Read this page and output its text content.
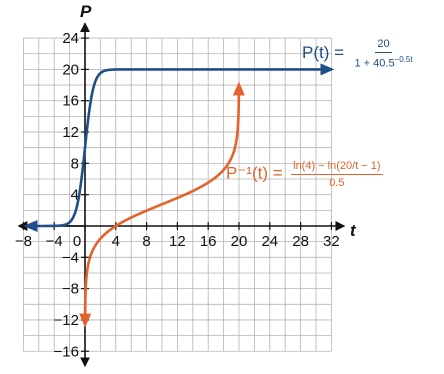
−8 −4 0 4 8 12 16 20 24 28 32
24
20
16
12
8
4
−4
−8
−12
−16
t
P
$P(t) = \frac{20}{1 + 40.5^{-0.5t}}$
$P^{-1}(t) = \frac{\ln(4) - \ln(20/t - 1)}{0.5}$
